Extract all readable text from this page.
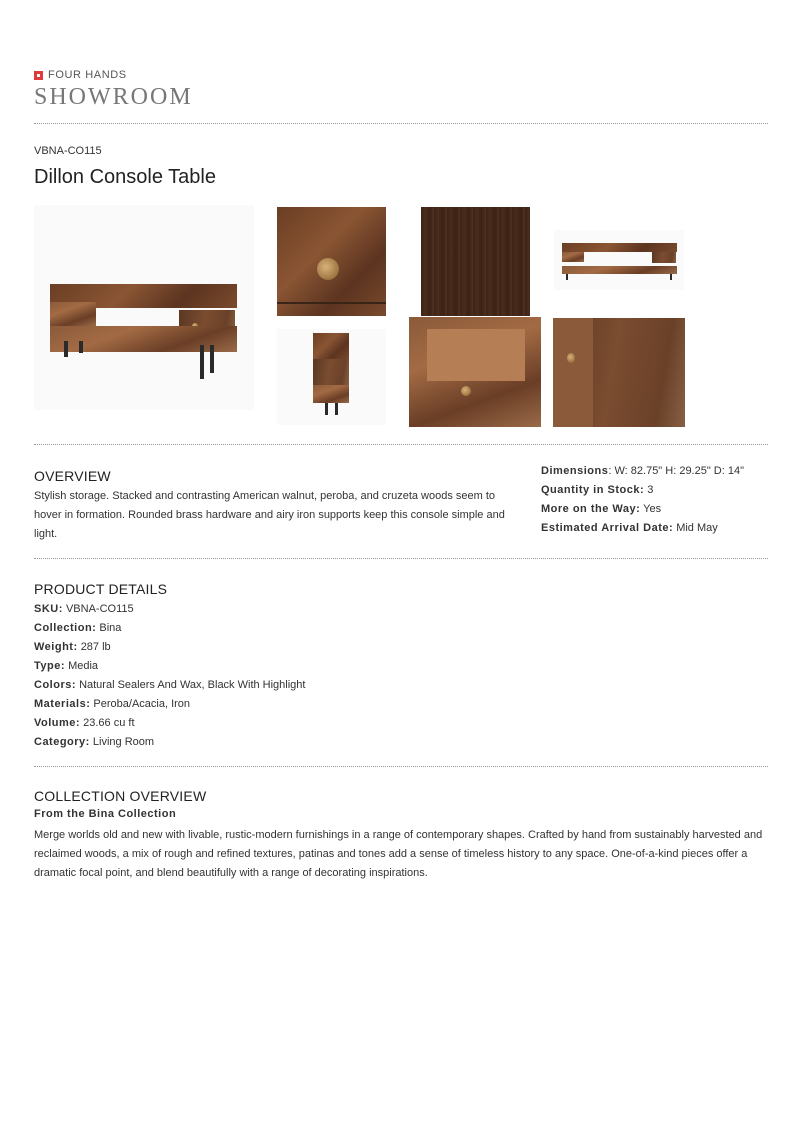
FOUR HANDS
SHOWROOM
VBNA-CO115
Dillon Console Table
OVERVIEW
Stylish storage. Stacked and contrasting American walnut, peroba, and cruzeta woods seem to hover in formation. Rounded brass hardware and airy iron supports keep this console simple and light.
Dimensions: W: 82.75" H: 29.25" D: 14"
Quantity in Stock: 3
More on the Way: Yes
Estimated Arrival Date: Mid May
PRODUCT DETAILS
SKU: VBNA-CO115
Collection: Bina
Weight: 287 lb
Type: Media
Colors: Natural Sealers And Wax, Black With Highlight
Materials: Peroba/Acacia, Iron
Volume: 23.66 cu ft
Category: Living Room
COLLECTION OVERVIEW
From the Bina Collection
Merge worlds old and new with livable, rustic-modern furnishings in a range of contemporary shapes. Crafted by hand from sustainably harvested and reclaimed woods, a mix of rough and refined textures, patinas and tones add a sense of timeless history to any space. One-of-a-kind pieces offer a dramatic focal point, and blend beautifully with a range of decorating inspirations.
